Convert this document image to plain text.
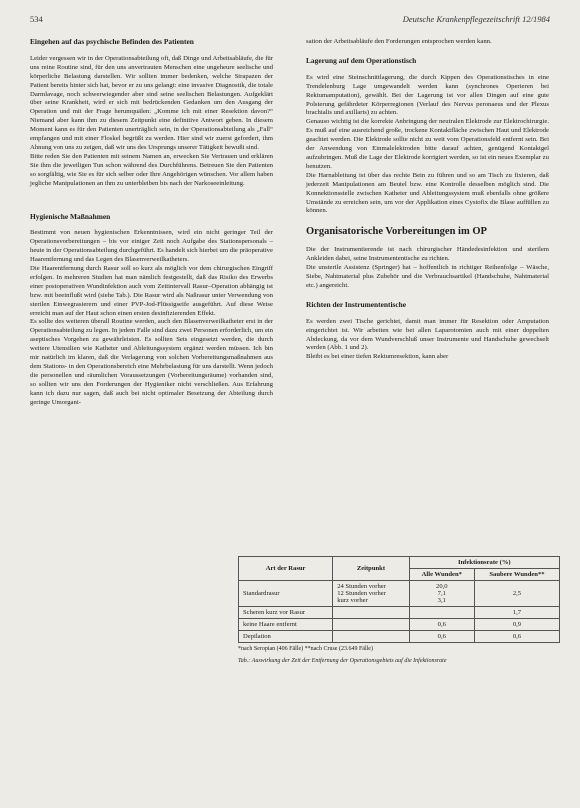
534	Deutsche Krankenpflegezeitschrift 12/1984
Eingehen auf das psychische Befinden des Patienten

Leider vergessen wir in der Operationsabteilung oft, daß Dinge und Arbeitsabläufe, die für uns reine Routine sind, für den uns anvertrauten Menschen eine ungeheure seelische und körperliche Belastung darstellen. Wir sollten immer bedenken, welche Strapazen der Patient bereits hinter sich hat, bevor er zu uns gelangt: eine invasive Diagnostik, die totale Darmlavage, noch schwerwiegender aber sind seine seelischen Belastungen. Aufgeklärt über seine Krankheit, wird er sich mit bedrückenden Gedanken um den Ausgang der Operation und mit der Frage herumquälen: „Komme ich mit einer Resektion davon?“ Niemand aber kann ihm zu diesem Zeitpunkt eine definitive Antwort geben. In diesem Moment kann es für den Patienten unerträglich sein, in der Operationsabteilung als „Fall“ empfangen und mit einer Floskel begrüßt zu werden. Hier sind wir zuerst gefordert, ihm Ahnung von uns zu zeigen, daß wir uns des Ursprungs unserer Tätigkeit bewußt sind.

Bitte reden Sie den Patienten mit seinem Namen an, erwecken Sie Vertrauen und erklären Sie ihm die jeweiligen Tun schon während des Durchführens. Betreuen Sie den Patienten so sorgfältig, wie Sie es für sich selber oder Ihre Angehörigen wünschen. Vor allem haben jegliche Manipulationen an ihm zu unterbleiben bis nach der Narkoseeinleitung.

Hygienische Maßnahmen

Bestimmt von neuen hygienischen Erkenntnissen, wird ein nicht geringer Teil der Operationsvorbereitungen – bis vor einiger Zeit noch Aufgabe des Stationspersonals – heute in der Operationsabteilung durchgeführt. Es handelt sich hierbei um die präoperative Haarentfernung und das Legen des Blasenverweilkatheters.

Die Haarentfernung durch Rasur soll so kurz als möglich vor dem chirurgischen Eingriff erfolgen. In mehreren Studien hat man nämlich festgestellt, daß das Risiko des Erwerbs einer postoperativen Wundinfektion auch vom Zeitintervall Rasur–Operation abhängig ist bzw. mit beeinflußt wird (siehe Tab.). Die Rasur wird als Naßrasur unter Verwendung von sterilen Einwegrasierern und einer PVP-Jod-Flüssigseife ausgeführt. Auf diese Weise erreicht man auf der Haut schon einen ersten desinfizierenden Effekt.

Es sollte des weiteren überall Routine werden, auch den Blasenverweilkatheter erst in der Operationsabteilung zu legen. In jedem Falle sind dazu zwei Personen erforderlich, um ein aseptisches Vorgehen zu gewährleisten. Es sollten Sets eingesetzt werden, die durch weitere Utensilien wie Katheter und Ableitungssystem ergänzt werden müssen. Ich bin mir natürlich im klaren, daß die Verlagerung von solchen Vorbereitungsmaßnahmen aus dem Stations- in den Operationsbereich eine Mehrbelastung für uns darstellt. Wenn jedoch die personellen und räumlichen Voraussetzungen (Vorbereitungsräume) vorhanden sind, so sollten wir uns den Forderungen der Hygieniker nicht verschließen. Aus Erfahrung kann ich dazu nur sagen, daß auch bei nicht optimaler Besetzung der Abteilung durch geringe Umorgani-

sation der Arbeitsabläufe den Forderungen entsprochen werden kann.

Lagerung auf dem Operationstisch

Es wird eine Steinschnittlagerung, die durch Kippen des Operationstisches in eine Trendelenburg Lage umgewandelt werden kann (synchrones Operieren bei Rektumamputation), gewählt. Bei der Lagerung ist vor allen Dingen auf eine gute Polsterung gefährdeter Körperregionen (Verlauf des Nervus peronaeus und der Plexus brachialis und axillaris) zu achten.

Genauso wichtig ist die korrekte Anbringung der neutralen Elektrode zur Elektrochirurgie. Es muß auf eine ausreichend große, trockene Kontaktfläche zwischen Haut und Elektrode geachtet werden. Die Elektrode sollte nicht zu weit vom Operationsfeld entfernt sein. Bei der Anwendung von Einmalelektroden bitte darauf achten, genügend Kontaktgel aufzubringen. Muß die Lage der Elektrode korrigiert werden, so ist ein neues Exemplar zu benutzen.

Die Harnableitung ist über das rechte Bein zu führen und so am Tisch zu fixieren, daß jederzeit Manipulationen am Beutel bzw. eine Kontrolle desselben möglich sind. Die Konnektionsstelle zwischen Katheter und Ableitungssystem muß ebenfalls ohne größere Umstände zu erreichen sein, um vor der Applikation eines Cystofix die Blase auffüllen zu können.

Organisatorische Vorbereitungen im OP

Die der Instrumentierende ist nach chirurgischer Händedesinfektion und sterilem Ankleiden dabei, seine Instrumententische zu richten.

Die unsterile Assistenz (Springer) hat – hoffentlich in richtiger Reihenfolge – Wäsche, Siebe, Nahtmaterial plus Zubehör und die Verbrauchsartikel (Handschuhe, Nahtmaterial etc.) angereicht.

Richten der Instrumententische

Es werden zwei Tische gerichtet, damit man immer für Resektion oder Amputation eingerichtet ist. Wir arbeiten wie bei allen Laparotomien auch mit einer doppelten Abdeckung, da vor dem Wundverschluß unser Instrumente und Handschuhe gewechselt werden (Abb. 1 und 2).

Bleibt es bei einer tiefen Rektumresektion, kann aber

Art der Rasur	Zeitpunkt	Infektionsrate (%)	
		Alle Wunden*	Saubere Wunden**
Standardrasur	24 Stunden vorher
12 Stunden vorher
kurz vorher	20,0
7,1
3,1	2,5
Scheren kurz vor Rasur			1,7
keine Haare entfernt		0,6	0,9
Depilation		0,6	0,6
*nach Seropian (406 Fälle) **nach Cruse (23.649 Fälle)
Tab.: Auswirkung der Zeit der Entfernung der Operationsgebiets auf die Infektionsrate
